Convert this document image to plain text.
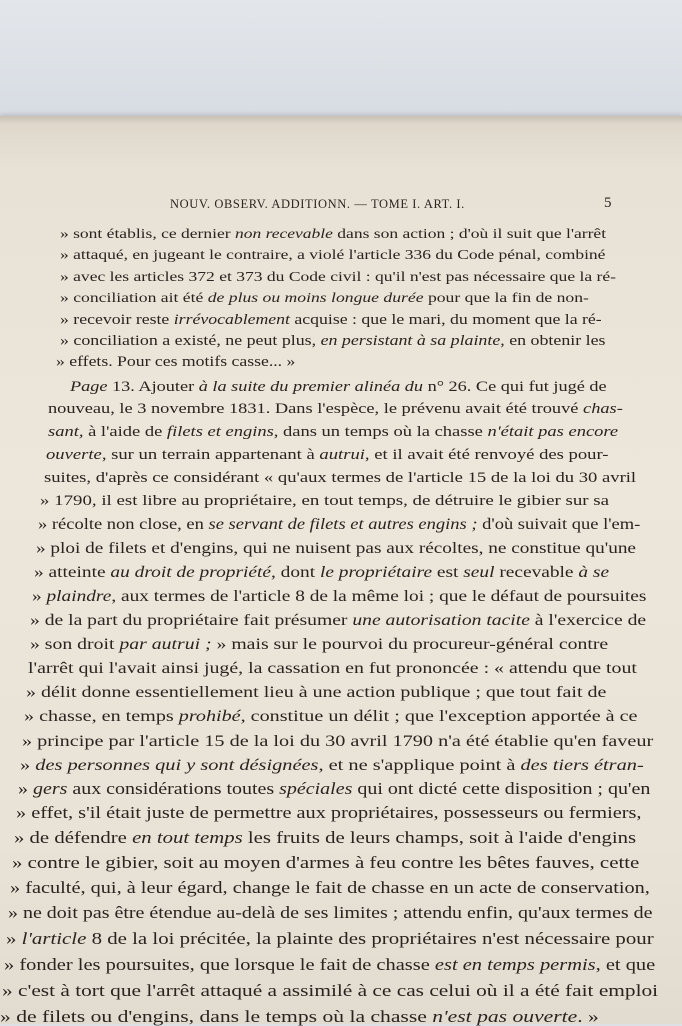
NOUV. OBSERV. ADDITIONN. — TOME I. ART. I.	5
» sont établis, ce dernier non recevable dans son action ; d'où il suit que l'arrêt
» attaqué, en jugeant le contraire, a violé l'article 336 du Code pénal, combiné
» avec les articles 372 et 373 du Code civil : qu'il n'est pas nécessaire que la ré-
» conciliation ait été de plus ou moins longue durée pour que la fin de non-
» recevoir reste irrévocablement acquise : que le mari, du moment que la ré-
» conciliation a existé, ne peut plus, en persistant à sa plainte, en obtenir les
» effets. Pour ces motifs casse... »
Page 13. Ajouter à la suite du premier alinéa du n° 26. Ce qui fut jugé de
nouveau, le 3 novembre 1831. Dans l'espèce, le prévenu avait été trouvé chas-
sant, à l'aide de filets et engins, dans un temps où la chasse n'était pas encore
ouverte, sur un terrain appartenant à autrui, et il avait été renvoyé des pour-
suites, d'après ce considérant « qu'aux termes de l'article 15 de la loi du 30 avril
» 1790, il est libre au propriétaire, en tout temps, de détruire le gibier sur sa
» récolte non close, en se servant de filets et autres engins ; d'où suivait que l'em-
» ploi de filets et d'engins, qui ne nuisent pas aux récoltes, ne constitue qu'une
» atteinte au droit de propriété, dont le propriétaire est seul recevable à se
» plaindre, aux termes de l'article 8 de la même loi ; que le défaut de poursuites
» de la part du propriétaire fait présumer une autorisation tacite à l'exercice de
» son droit par autrui ; » mais sur le pourvoi du procureur-général contre
l'arrêt qui l'avait ainsi jugé, la cassation en fut prononcée : « attendu que tout
» délit donne essentiellement lieu à une action publique ; que tout fait de
» chasse, en temps prohibé, constitue un délit ; que l'exception apportée à ce
» principe par l'article 15 de la loi du 30 avril 1790 n'a été établie qu'en faveur
» des personnes qui y sont désignées, et ne s'applique point à des tiers étran-
» gers aux considérations toutes spéciales qui ont dicté cette disposition ; qu'en
» effet, s'il était juste de permettre aux propriétaires, possesseurs ou fermiers,
» de défendre en tout temps les fruits de leurs champs, soit à l'aide d'engins
» contre le gibier, soit au moyen d'armes à feu contre les bêtes fauves, cette
» faculté, qui, à leur égard, change le fait de chasse en un acte de conservation,
» ne doit pas être étendue au-delà de ses limites ; attendu enfin, qu'aux termes de
» l'article 8 de la loi précitée, la plainte des propriétaires n'est nécessaire pour
» fonder les poursuites, que lorsque le fait de chasse est en temps permis, et que
» c'est à tort que l'arrêt attaqué a assimilé à ce cas celui où il a été fait emploi
» de filets ou d'engins, dans le temps où la chasse n'est pas ouverte. »
